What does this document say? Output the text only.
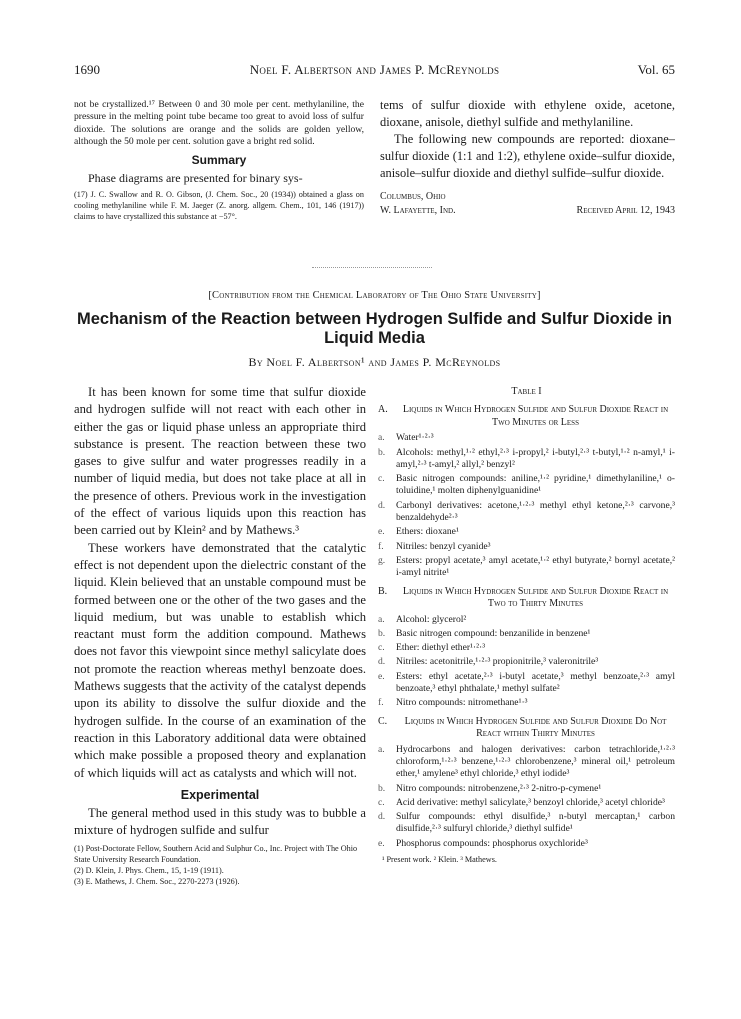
1690	Noel F. Albertson and James P. McReynolds	Vol. 65

not be crystallized.¹⁷ Between 0 and 30 mole per cent. methylaniline, the pressure in the melting point tube became too great to avoid loss of sulfur dioxide. The solutions are orange and the solids are golden yellow, although the 50 mole per cent. solution gave a bright red solid.

Summary

Phase diagrams are presented for binary sys-

(17) J. C. Swallow and R. O. Gibson, (J. Chem. Soc., 20 (1934)) obtained a glass on cooling methylaniline while F. M. Jaeger (Z. anorg. allgem. Chem., 101, 146 (1917)) claims to have crystallized this substance at −57°.

tems of sulfur dioxide with ethylene oxide, acetone, dioxane, anisole, diethyl sulfide and methylaniline.

The following new compounds are reported: dioxane–sulfur dioxide (1:1 and 1:2), ethylene oxide–sulfur dioxide, anisole–sulfur dioxide and diethyl sulfide–sulfur dioxide.

Columbus, Ohio
W. Lafayette, Ind.	Received April 12, 1943
[Contribution from the Chemical Laboratory of The Ohio State University]
Mechanism of the Reaction between Hydrogen Sulfide and Sulfur Dioxide in Liquid Media
By Noel F. Albertson¹ and James P. McReynolds

It has been known for some time that sulfur dioxide and hydrogen sulfide will not react with each other in either the gas or liquid phase unless an appropriate third substance is present. The reaction between these two gases to give sulfur and water progresses readily in a number of liquid media, but does not take place at all in the presence of others. Previous work in the investigation of the effect of various liquids upon this reaction has been carried out by Klein² and by Mathews.³

These workers have demonstrated that the catalytic effect is not dependent upon the dielectric constant of the liquid. Klein believed that an unstable compound must be formed between one or the other of the two gases and the liquid medium, but was unable to establish which reactant must form the addition compound. Mathews does not favor this viewpoint since methyl salicylate does not promote the reaction whereas methyl benzoate does. Mathews suggests that the activity of the catalyst depends upon its ability to dissolve the sulfur dioxide and the hydrogen sulfide. In the course of an examination of the reaction in this Laboratory additional data were obtained which make possible a proposed theory and explanation of which liquids will act as catalysts and which will not.

Experimental

The general method used in this study was to bubble a mixture of hydrogen sulfide and sulfur

(1) Post-Doctorate Fellow, Southern Acid and Sulphur Co., Inc. Project with The Ohio State University Research Foundation.

(2) D. Klein, J. Phys. Chem., 15, 1-19 (1911).

(3) E. Mathews, J. Chem. Soc., 2270-2273 (1926).

Table I
A.	Liquids in Which Hydrogen Sulfide and Sulfur Dioxide React in Two Minutes or Less
a.	Water¹·²·³
b.	Alcohols: methyl,¹·² ethyl,²·³ i-propyl,² i-butyl,²·³ t-butyl,¹·² n-amyl,¹ i-amyl,²·³ t-amyl,² allyl,² benzyl²
c.	Basic nitrogen compounds: aniline,¹·² pyridine,¹ dimethylaniline,¹ o-toluidine,¹ molten diphenylguanidine¹
d.	Carbonyl derivatives: acetone,¹·²·³ methyl ethyl ketone,²·³ carvone,³ benzaldehyde²·³
e.	Ethers: dioxane¹
f.	Nitriles: benzyl cyanide³
g.	Esters: propyl acetate,³ amyl acetate,¹·² ethyl butyrate,² bornyl acetate,² i-amyl nitrite¹
B.	Liquids in Which Hydrogen Sulfide and Sulfur Dioxide React in Two to Thirty Minutes
a.	Alcohol: glycerol²
b.	Basic nitrogen compound: benzanilide in benzene¹
c.	Ether: diethyl ether¹·²·³
d.	Nitriles: acetonitrile,¹·²·³ propionitrile,³ valeronitrile³
e.	Esters: ethyl acetate,²·³ i-butyl acetate,³ methyl benzoate,²·³ amyl benzoate,³ ethyl phthalate,¹ methyl sulfate²
f.	Nitro compounds: nitromethane¹·³
C.	Liquids in Which Hydrogen Sulfide and Sulfur Dioxide Do Not React within Thirty Minutes
a.	Hydrocarbons and halogen derivatives: carbon tetrachloride,¹·²·³ chloroform,¹·²·³ benzene,¹·²·³ chlorobenzene,³ mineral oil,¹ petroleum ether,¹ amylene³ ethyl chloride,³ ethyl iodide³
b.	Nitro compounds: nitrobenzene,²·³ 2-nitro-p-cymene¹
c.	Acid derivative: methyl salicylate,³ benzoyl chloride,³ acetyl chloride³
d.	Sulfur compounds: ethyl disulfide,³ n-butyl mercaptan,¹ carbon disulfide,²·³ sulfuryl chloride,³ diethyl sulfide¹
e.	Phosphorus compounds: phosphorus oxychloride³
¹ Present work. ² Klein. ³ Mathews.
